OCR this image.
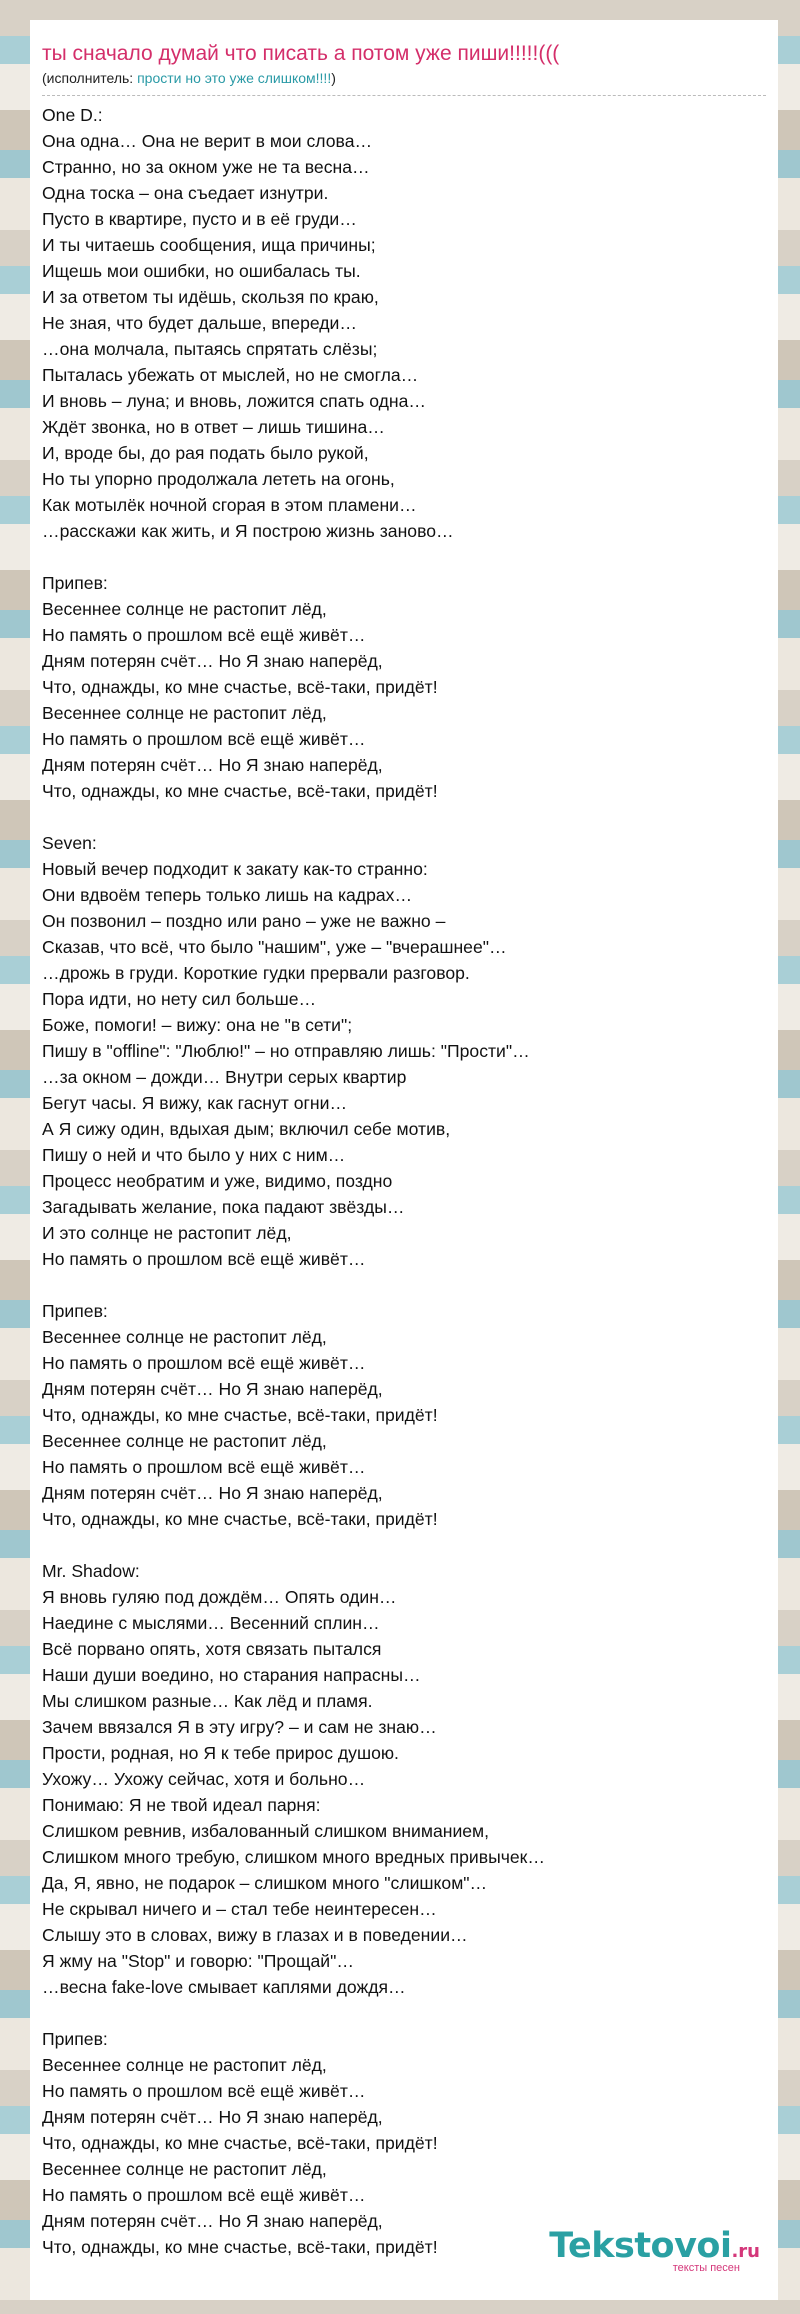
ты сначало думай что писать а потом уже пиши!!!!!(((
(исполнитель: прости но это уже слишком!!!!)
One D.:
Она одна… Она не верит в мои слова…
Странно, но за окном уже не та весна…
Одна тоска – она съедает изнутри.
Пусто в квартире, пусто и в её груди…
И ты читаешь сообщения, ища причины;
Ищешь мои ошибки, но ошибалась ты.
И за ответом ты идёшь, скользя по краю,
Не зная, что будет дальше, впереди…
…она молчала, пытаясь спрятать слёзы;
Пыталась убежать от мыслей, но не смогла…
И вновь – луна; и вновь, ложится спать одна…
Ждёт звонка, но в ответ – лишь тишина…
И, вроде бы, до рая подать было рукой,
Но ты упорно продолжала лететь на огонь,
Как мотылёк ночной сгорая в этом пламени…
…расскажи как жить, и Я построю жизнь заново…
Припев:
Весеннее солнце не растопит лёд,
Но память о прошлом всё ещё живёт…
Дням потерян счёт… Но Я знаю наперёд,
Что, однажды, ко мне счастье, всё-таки, придёт!
Весеннее солнце не растопит лёд,
Но память о прошлом всё ещё живёт…
Дням потерян счёт… Но Я знаю наперёд,
Что, однажды, ко мне счастье, всё-таки, придёт!
Seven:
Новый вечер подходит к закату как-то странно:
Они вдвоём теперь только лишь на кадрах…
Он позвонил – поздно или рано – уже не важно –
Сказав, что всё, что было "нашим", уже – "вчерашнее"…
…дрожь в груди. Короткие гудки прервали разговор.
Пора идти, но нету сил больше…
Боже, помоги! – вижу: она не "в сети";
Пишу в "offline": "Люблю!" – но отправляю лишь: "Прости"…
…за окном – дожди… Внутри серых квартир
Бегут часы. Я вижу, как гаснут огни…
А Я сижу один, вдыхая дым; включил себе мотив,
Пишу о ней и что было у них с ним…
Процесс необратим и уже, видимо, поздно
Загадывать желание, пока падают звёзды…
И это солнце не растопит лёд,
Но память о прошлом всё ещё живёт…
Припев:
Весеннее солнце не растопит лёд,
Но память о прошлом всё ещё живёт…
Дням потерян счёт… Но Я знаю наперёд,
Что, однажды, ко мне счастье, всё-таки, придёт!
Весеннее солнце не растопит лёд,
Но память о прошлом всё ещё живёт…
Дням потерян счёт… Но Я знаю наперёд,
Что, однажды, ко мне счастье, всё-таки, придёт!
Mr. Shadow:
Я вновь гуляю под дождём… Опять один…
Наедине с мыслями… Весенний сплин…
Всё порвано опять, хотя связать пытался
Наши души воедино, но старания напрасны…
Мы слишком разные… Как лёд и пламя.
Зачем ввязался Я в эту игру? – и сам не знаю…
Прости, родная, но Я к тебе прирос душою.
Ухожу… Ухожу сейчас, хотя и больно…
Понимаю: Я не твой идеал парня:
Слишком ревнив, избалованный слишком вниманием,
Слишком много требую, слишком много вредных привычек…
Да, Я, явно, не подарок – слишком много "слишком"…
Не скрывал ничего и – стал тебе неинтересен…
Слышу это в словах, вижу в глазах и в поведении…
Я жму на "Stop" и говорю: "Прощай"…
…весна fake-love смывает каплями дождя…
Припев:
Весеннее солнце не растопит лёд,
Но память о прошлом всё ещё живёт…
Дням потерян счёт… Но Я знаю наперёд,
Что, однажды, ко мне счастье, всё-таки, придёт!
Весеннее солнце не растопит лёд,
Но память о прошлом всё ещё живёт…
Дням потерян счёт… Но Я знаю наперёд,
Что, однажды, ко мне счастье, всё-таки, придёт!	Tekstovoi.ru
тексты песен
